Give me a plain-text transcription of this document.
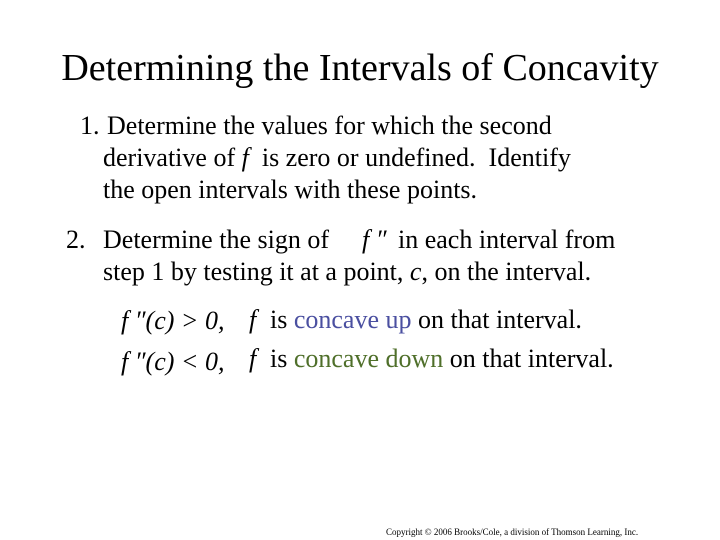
Determining the Intervals of Concavity
1. Determine the values for which the second
derivative of f  is zero or undefined.  Identify
the open intervals with these points.
2. Determine the sign of f ″ in each interval from
step 1 by testing it at a point, c, on the interval.
f ″(c) > 0, f is concave up on that interval.
f ″(c) < 0, f is concave down on that interval.
Copyright © 2006 Brooks/Cole, a division of Thomson Learning, Inc.
